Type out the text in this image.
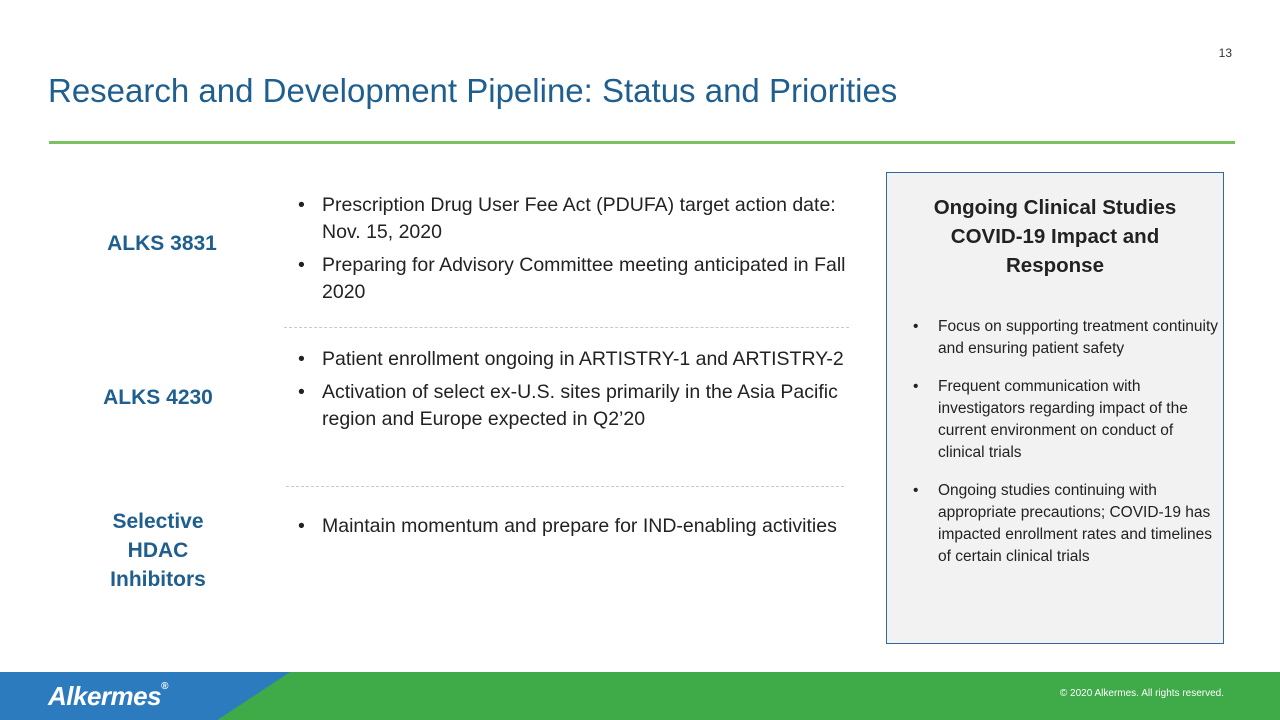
13
Research and Development Pipeline: Status and Priorities
ALKS 3831
• Prescription Drug User Fee Act (PDUFA) target action date: Nov. 15, 2020
• Preparing for Advisory Committee meeting anticipated in Fall 2020
ALKS 4230
• Patient enrollment ongoing in ARTISTRY-1 and ARTISTRY-2
• Activation of select ex-U.S. sites primarily in the Asia Pacific region and Europe expected in Q2’20
Selective
HDAC
Inhibitors
• Maintain momentum and prepare for IND-enabling activities
Ongoing Clinical Studies
COVID-19 Impact and
Response
• Focus on supporting treatment continuity and ensuring patient safety
• Frequent communication with investigators regarding impact of the current environment on conduct of clinical trials
• Ongoing studies continuing with appropriate precautions; COVID-19 has impacted enrollment rates and timelines of certain clinical trials
Alkermes®
© 2020 Alkermes. All rights reserved.
